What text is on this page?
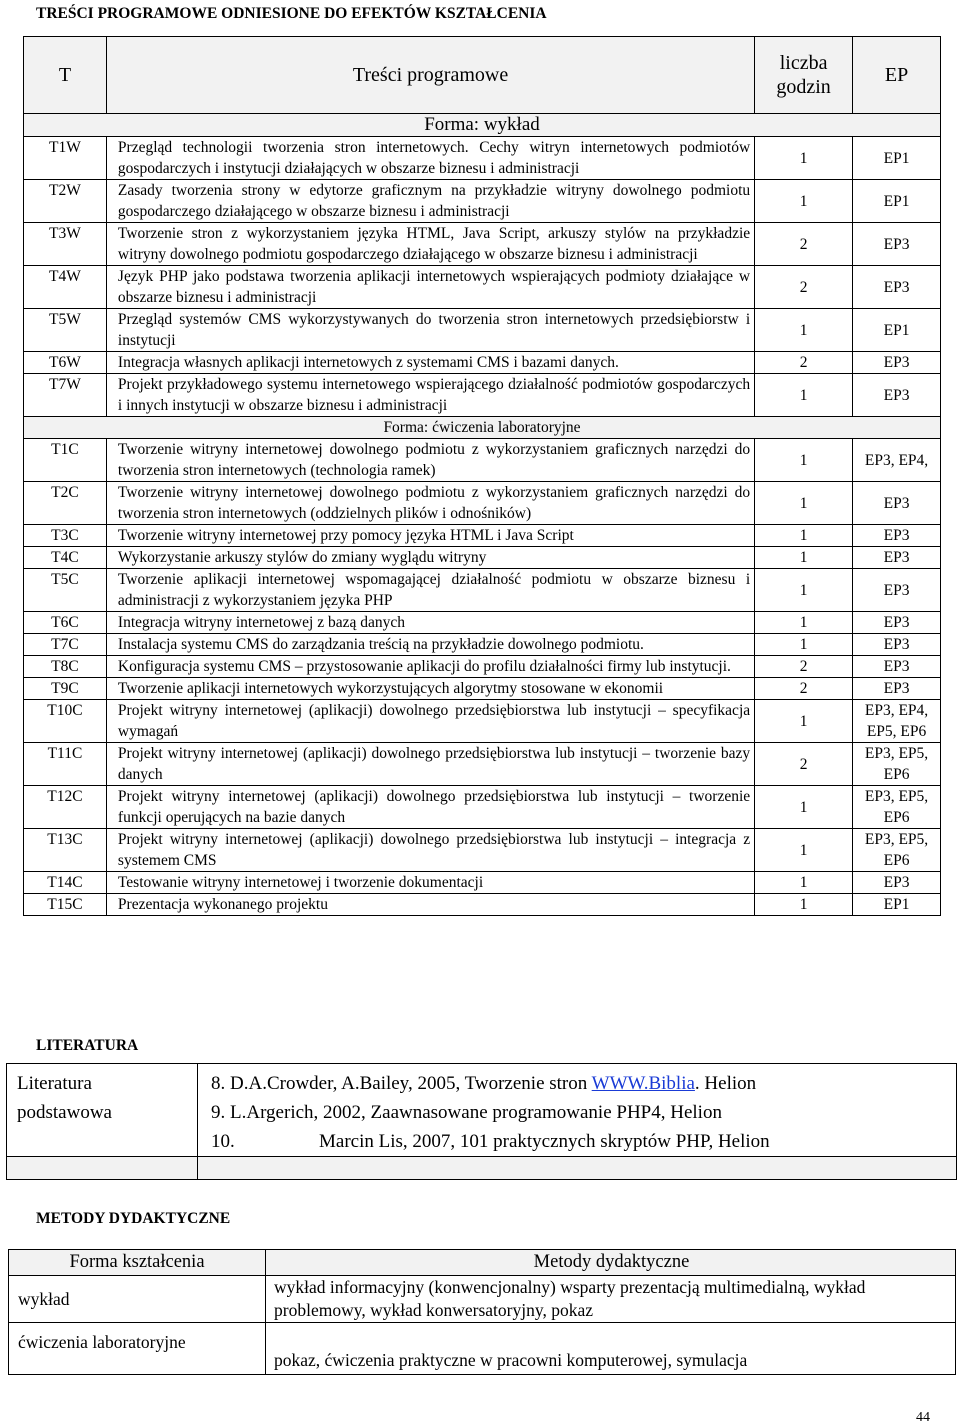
TREŚCI PROGRAMOWE ODNIESIONE DO EFEKTÓW KSZTAŁCENIA
T	Treści programowe	liczba godzin	EP
Forma: wykład			
T1W	Przegląd technologii tworzenia stron internetowych. Cechy witryn internetowych podmiotów gospodarczych i instytucji działających w obszarze biznesu i administracji	1	EP1
T2W	Zasady tworzenia strony w edytorze graficznym na przykładzie witryny dowolnego podmiotu gospodarczego działającego w obszarze biznesu i administracji	1	EP1
T3W	Tworzenie stron z wykorzystaniem języka HTML, Java Script, arkuszy stylów na przykładzie witryny dowolnego podmiotu gospodarczego działającego w obszarze biznesu i administracji	2	EP3
T4W	Język PHP jako podstawa tworzenia aplikacji internetowych wspierających podmioty działające w obszarze biznesu i administracji	2	EP3
T5W	Przegląd systemów CMS wykorzystywanych do tworzenia stron internetowych przedsiębiorstw i instytucji	1	EP1
T6W	Integracja własnych aplikacji internetowych z systemami CMS i bazami danych.	2	EP3
T7W	Projekt przykładowego systemu internetowego wspierającego działalność podmiotów gospodarczych i innych instytucji w obszarze biznesu i administracji	1	EP3
Forma: ćwiczenia laboratoryjne			
T1C	Tworzenie witryny internetowej dowolnego podmiotu z wykorzystaniem graficznych narzędzi do tworzenia stron internetowych (technologia ramek)	1	EP3, EP4,
T2C	Tworzenie witryny internetowej dowolnego podmiotu z wykorzystaniem graficznych narzędzi do tworzenia stron internetowych (oddzielnych plików i odnośników)	1	EP3
T3C	Tworzenie witryny internetowej przy pomocy języka HTML i Java Script	1	EP3
T4C	Wykorzystanie arkuszy stylów do zmiany wyglądu witryny	1	EP3
T5C	Tworzenie aplikacji internetowej wspomagającej działalność podmiotu w obszarze biznesu i administracji z wykorzystaniem języka PHP	1	EP3
T6C	Integracja witryny internetowej z bazą danych	1	EP3
T7C	Instalacja systemu CMS do zarządzania treścią na przykładzie dowolnego podmiotu.	1	EP3
T8C	Konfiguracja systemu CMS – przystosowanie aplikacji do profilu działalności firmy lub instytucji.	2	EP3
T9C	Tworzenie aplikacji internetowych wykorzystujących algorytmy stosowane w ekonomii	2	EP3
T10C	Projekt witryny internetowej (aplikacji) dowolnego przedsiębiorstwa lub instytucji – specyfikacja wymagań	1	EP3, EP4, EP5, EP6
T11C	Projekt witryny internetowej (aplikacji) dowolnego przedsiębiorstwa lub instytucji – tworzenie bazy danych	2	EP3, EP5, EP6
T12C	Projekt witryny internetowej (aplikacji) dowolnego przedsiębiorstwa lub instytucji – tworzenie funkcji operujących na bazie danych	1	EP3, EP5, EP6
T13C	Projekt witryny internetowej (aplikacji) dowolnego przedsiębiorstwa lub instytucji – integracja z systemem CMS	1	EP3, EP5, EP6
T14C	Testowanie witryny internetowej i tworzenie dokumentacji	1	EP3
T15C	Prezentacja wykonanego projektu	1	EP1
LITERATURA
Literatura podstawowa	8. D.A.Crowder, A.Bailey, 2005, Tworzenie stron WWW.Biblia. Helion
9. L.Argerich, 2002, Zaawnasowane programowanie PHP4, Helion
10. Marcin Lis, 2007, 101 praktycznych skryptów PHP, Helion

METODY DYDAKTYCZNE
Forma kształcenia	Metody dydaktyczne
wykład	wykład informacyjny (konwencjonalny) wsparty prezentacją multimedialną, wykład problemowy, wykład konwersatoryjny, pokaz
ćwiczenia laboratoryjne	pokaz, ćwiczenia praktyczne w pracowni komputerowej, symulacja
44
